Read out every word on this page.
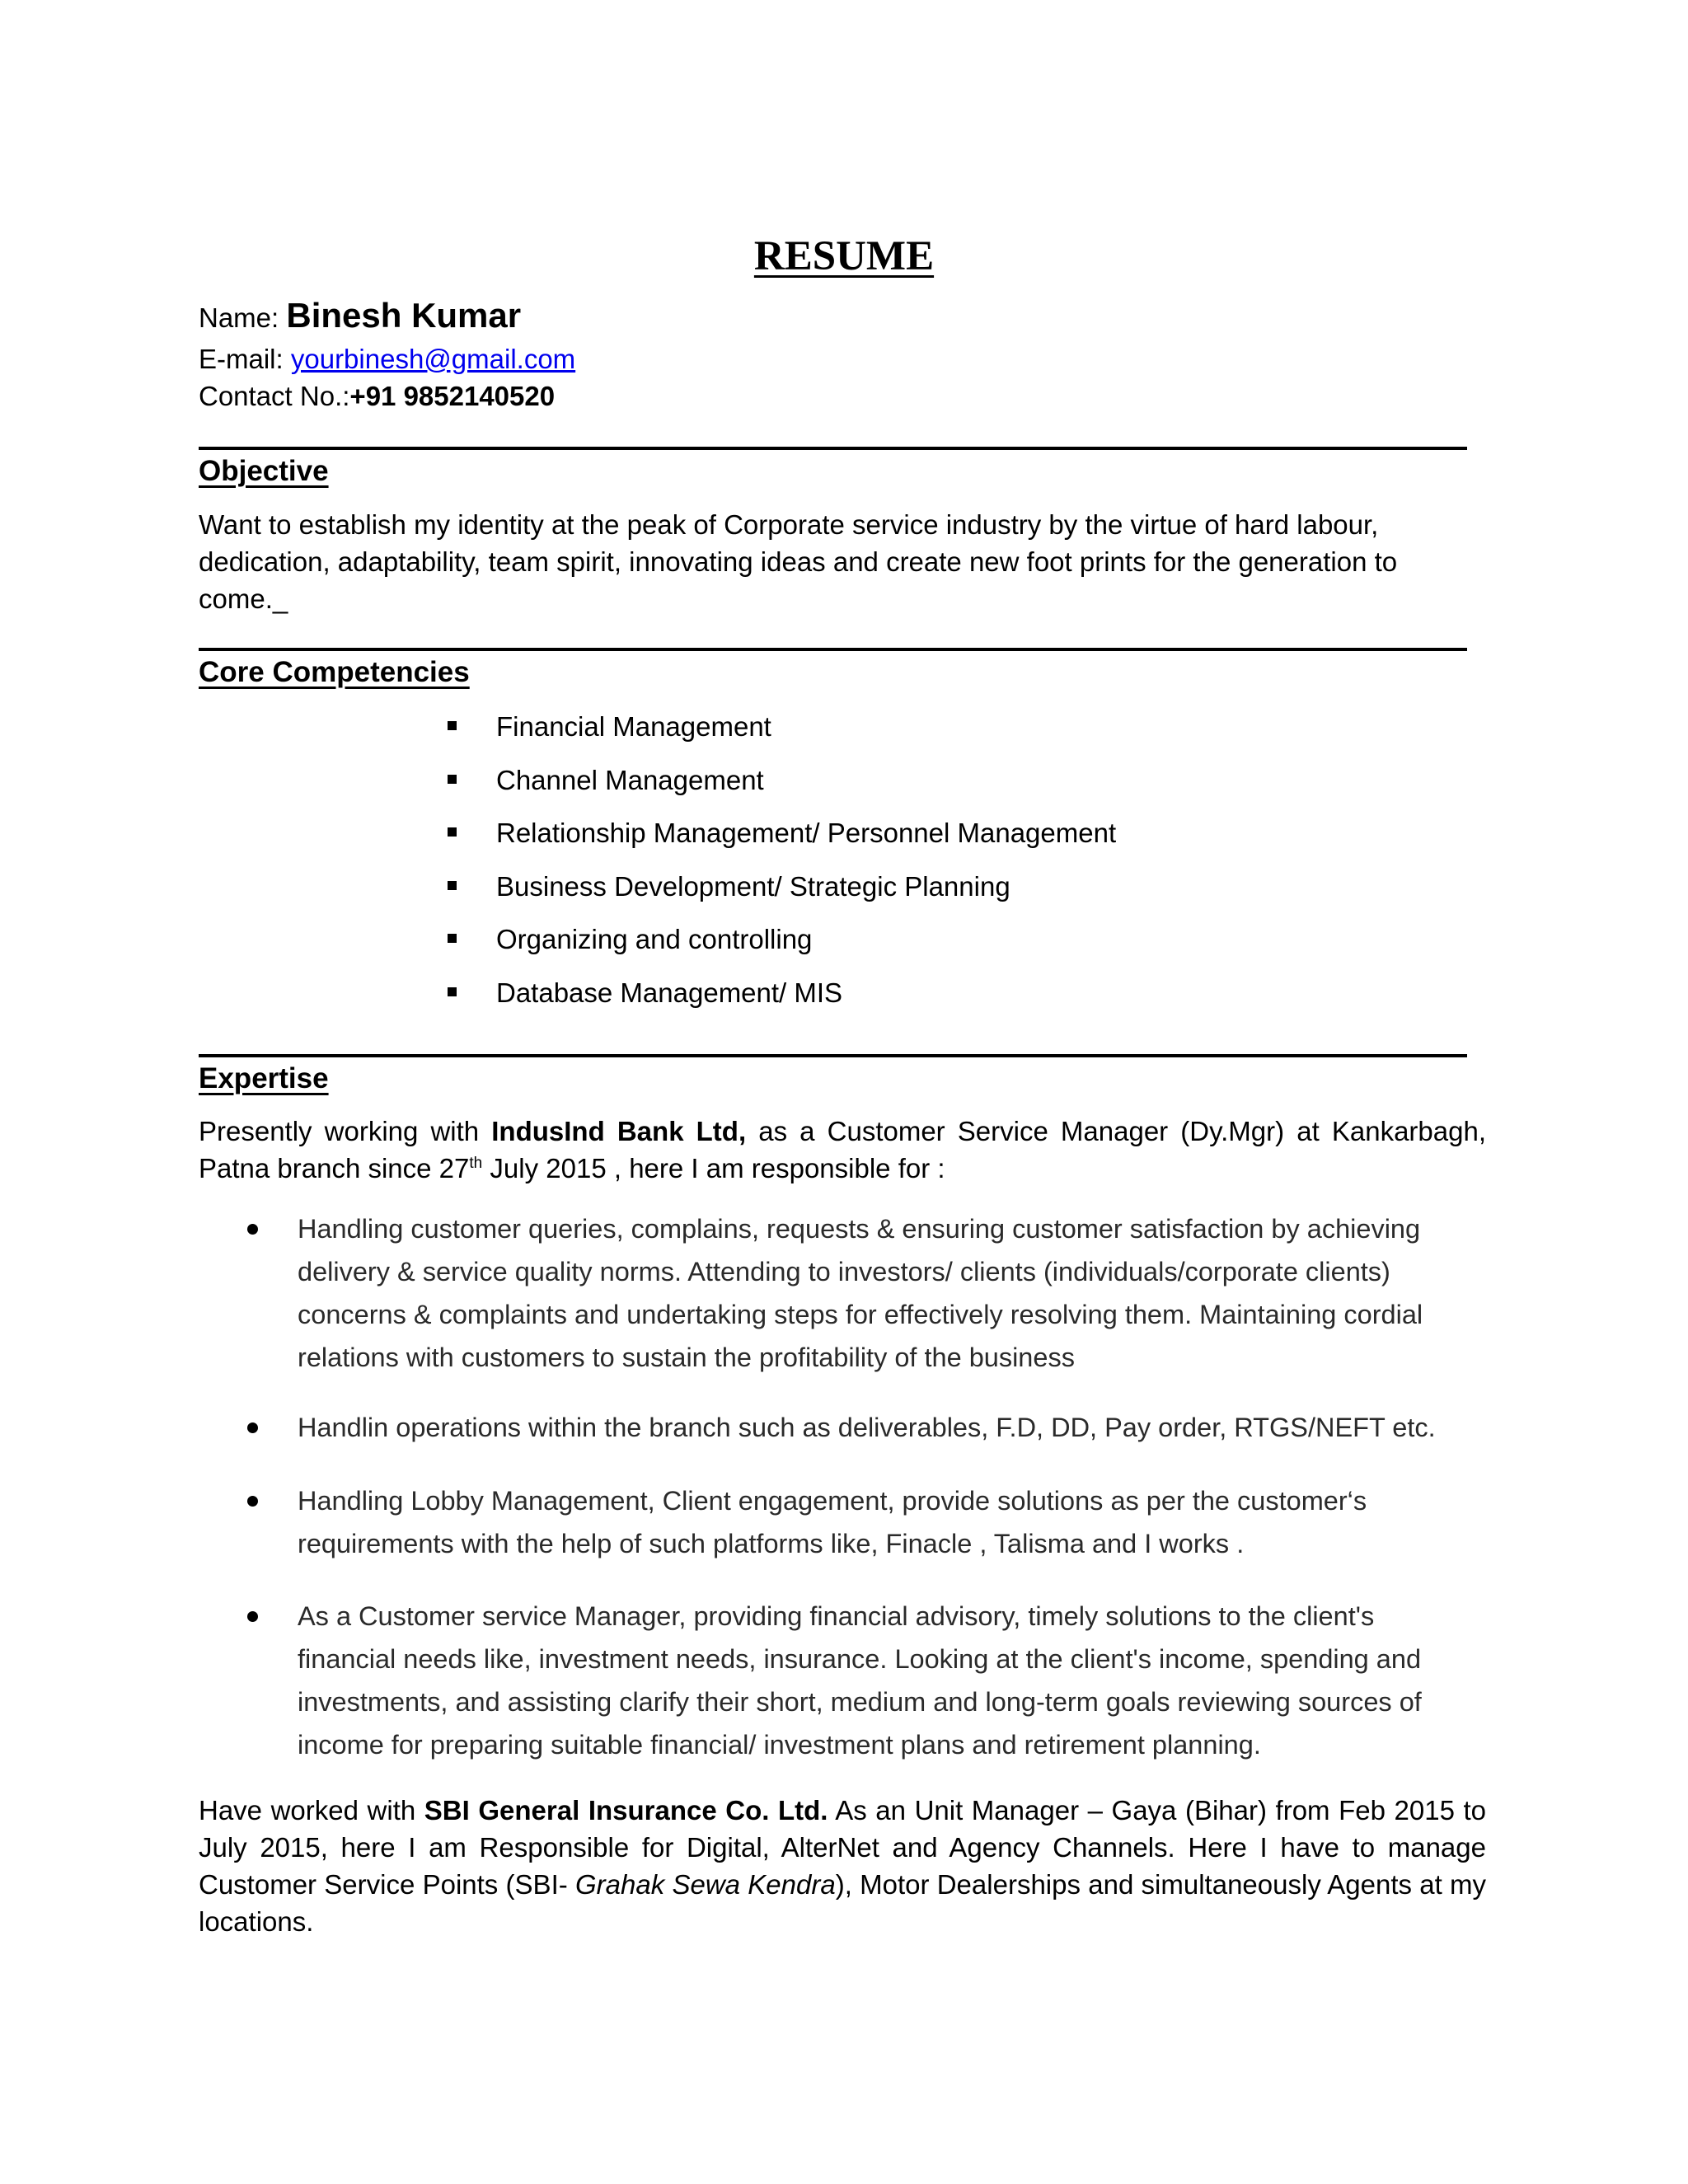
RESUME
Name: Binesh Kumar
E-mail: yourbinesh@gmail.com
Contact No.:+91 9852140520
Objective
Want to establish my identity at the peak of Corporate service industry by the virtue of hard labour, dedication, adaptability, team spirit, innovating ideas and create new foot prints for the generation to come._
Core Competencies
Financial Management
Channel Management
Relationship Management/ Personnel Management
Business Development/ Strategic Planning
Organizing and controlling
Database Management/ MIS
Expertise
Presently working with IndusInd Bank Ltd, as a Customer Service Manager (Dy.Mgr) at Kankarbagh, Patna branch since 27th July 2015 , here I am responsible for :
Handling customer queries, complains, requests & ensuring customer satisfaction by achieving delivery & service quality norms. Attending to investors/ clients (individuals/corporate clients) concerns & complaints and undertaking steps for effectively resolving them. Maintaining cordial relations with customers to sustain the profitability of the business
Handlin operations within the branch such as deliverables, F.D, DD, Pay order, RTGS/NEFT etc.
Handling Lobby Management, Client engagement, provide solutions as per the customer‘s requirements with the help of such platforms like, Finacle , Talisma and I works .
As a Customer service Manager, providing financial advisory, timely solutions to the client's financial needs like, investment needs, insurance. Looking at the client's income, spending and investments, and assisting clarify their short, medium and long-term goals reviewing sources of income for preparing suitable financial/ investment plans and retirement planning.
Have worked with SBI General Insurance Co. Ltd. As an Unit Manager – Gaya (Bihar) from Feb 2015 to July 2015, here I am Responsible for Digital, AlterNet and Agency Channels. Here I have to manage Customer Service Points (SBI- Grahak Sewa Kendra), Motor Dealerships and simultaneously Agents at my locations.
